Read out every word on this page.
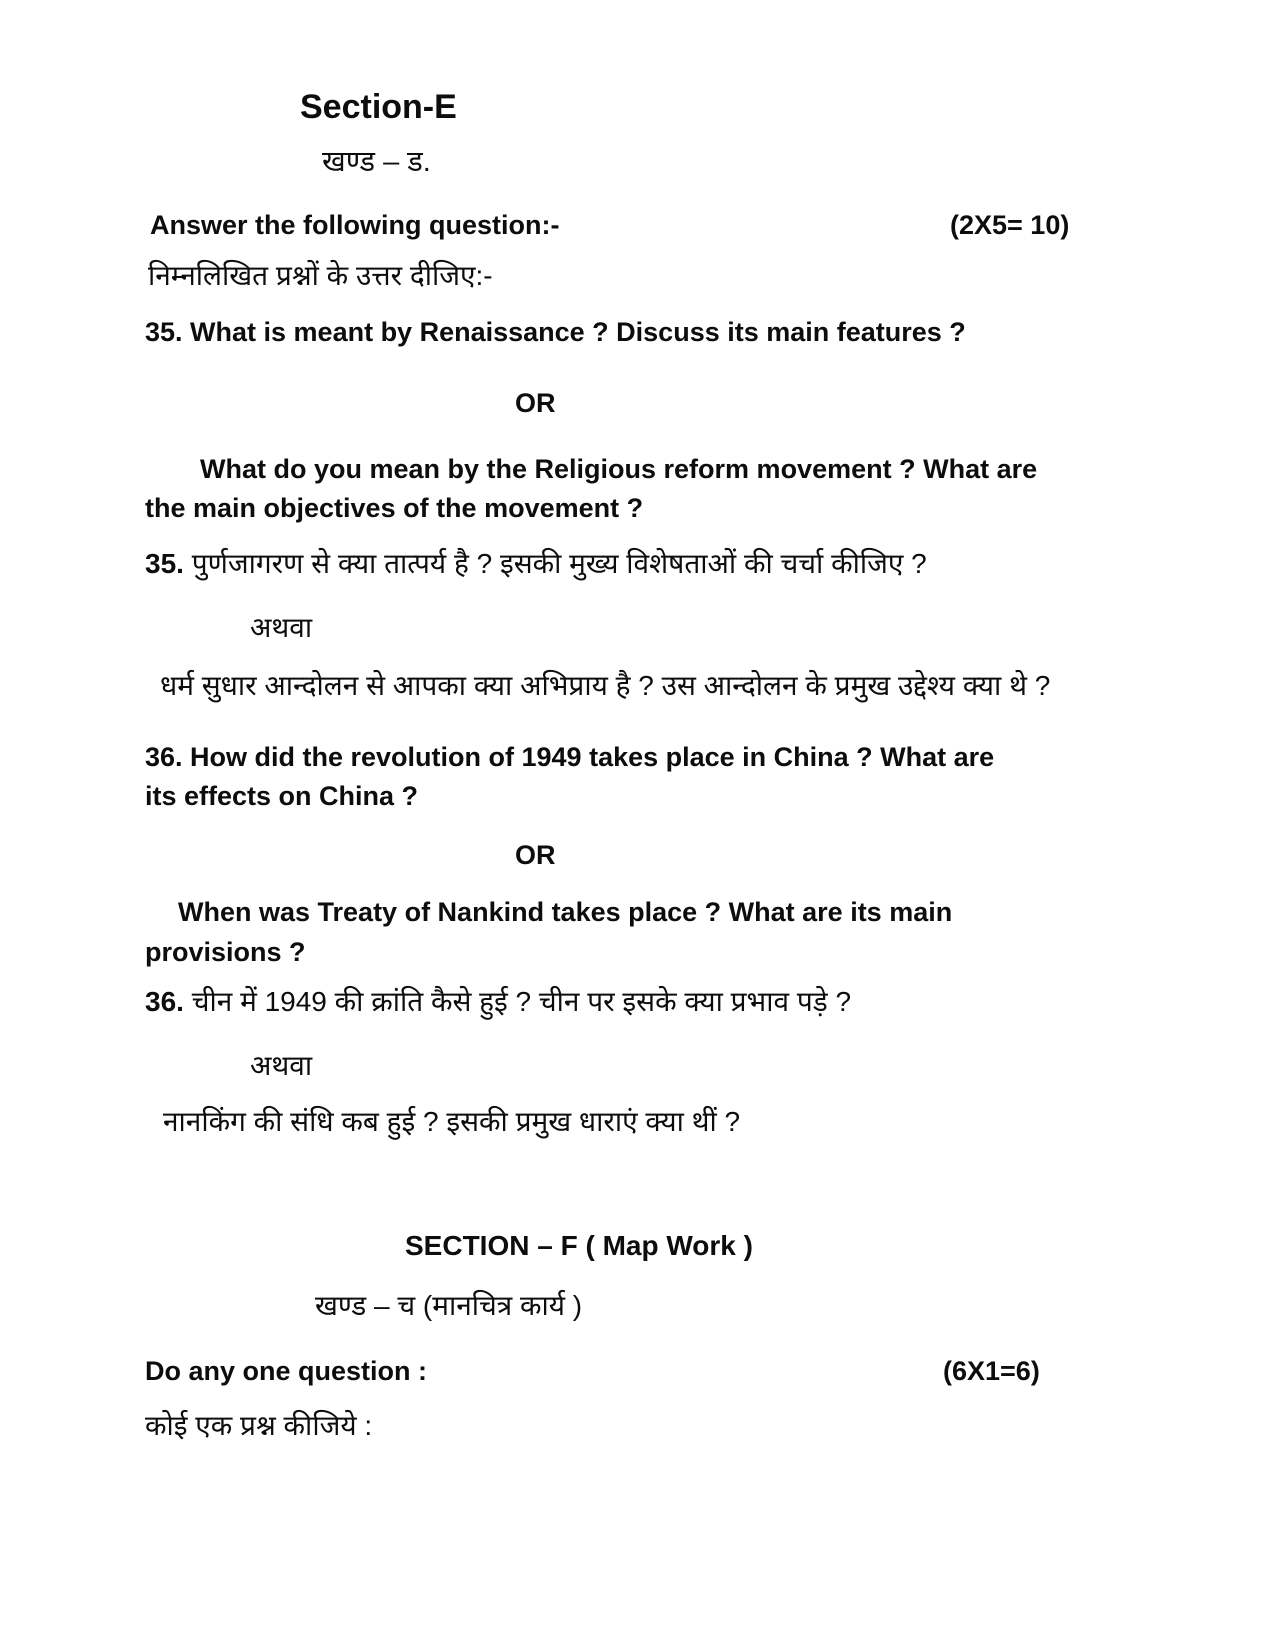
Section-E
खण्ड – ड.
Answer the following question:-	(2X5= 10)
निम्नलिखित प्रश्नों के उत्तर दीजिए:-
35. What is meant by Renaissance ? Discuss its main features ?
OR
What do you mean by the Religious reform movement ? What are the main objectives of the movement ?
35. पुर्णजागरण से क्या तात्पर्य है ? इसकी मुख्य विशेषताओं की चर्चा कीजिए ?
अथवा
धर्म सुधार आन्दोलन से आपका क्या अभिप्राय है ? उस आन्दोलन के प्रमुख उद्देश्य क्या थे ?
36. How did the revolution of 1949 takes place in China ? What are its effects on China ?
OR
When was Treaty of Nankind takes place ? What are its main provisions ?
36. चीन में 1949 की क्रांति कैसे हुई ? चीन पर इसके क्या प्रभाव पड़े ?
अथवा
नानकिंग की संधि कब हुई ? इसकी प्रमुख धाराएं क्या थीं ?
SECTION – F ( Map Work )
खण्ड – च (मानचित्र कार्य )
Do any one question :	(6X1=6)
कोई एक प्रश्न कीजिये :
